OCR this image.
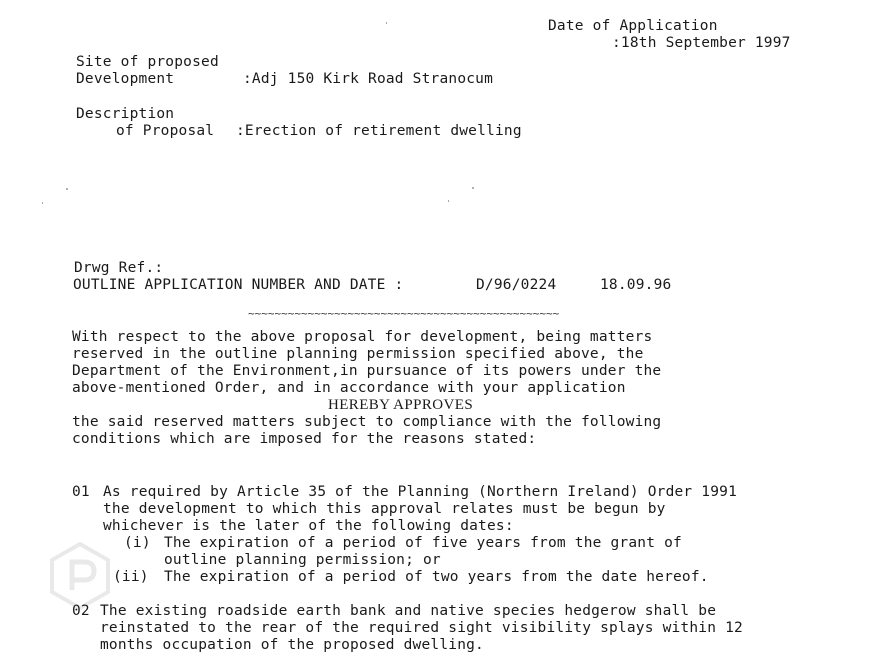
Date of Application
:18th September 1997
Site of proposed
Development	:Adj 150 Kirk Road Stranocum
Description
of Proposal :Erection of retirement dwelling
Drwg Ref.:
OUTLINE APPLICATION NUMBER AND DATE :	D/96/0224	18.09.96
~~~~~~~~~~~~~~~~~~~~~~~~~~~~~~~~~~~~~~~~~~~~~~~
With respect to the above proposal for development, being matters
reserved in the outline planning permission specified above, the
Department of the Environment,in pursuance of its powers under the
above-mentioned Order, and in accordance with your application
HEREBY APPROVES
the said reserved matters subject to compliance with the following
conditions which are imposed for the reasons stated:
01 As required by Article 35 of the Planning (Northern Ireland) Order 1991
the development to which this approval relates must be begun by
whichever is the later of the following dates:
(i) The expiration of a period of five years from the grant of
outline planning permission; or
(ii) The expiration of a period of two years from the date hereof.
02 The existing roadside earth bank and native species hedgerow shall be
reinstated to the rear of the required sight visibility splays within 12
months occupation of the proposed dwelling.
